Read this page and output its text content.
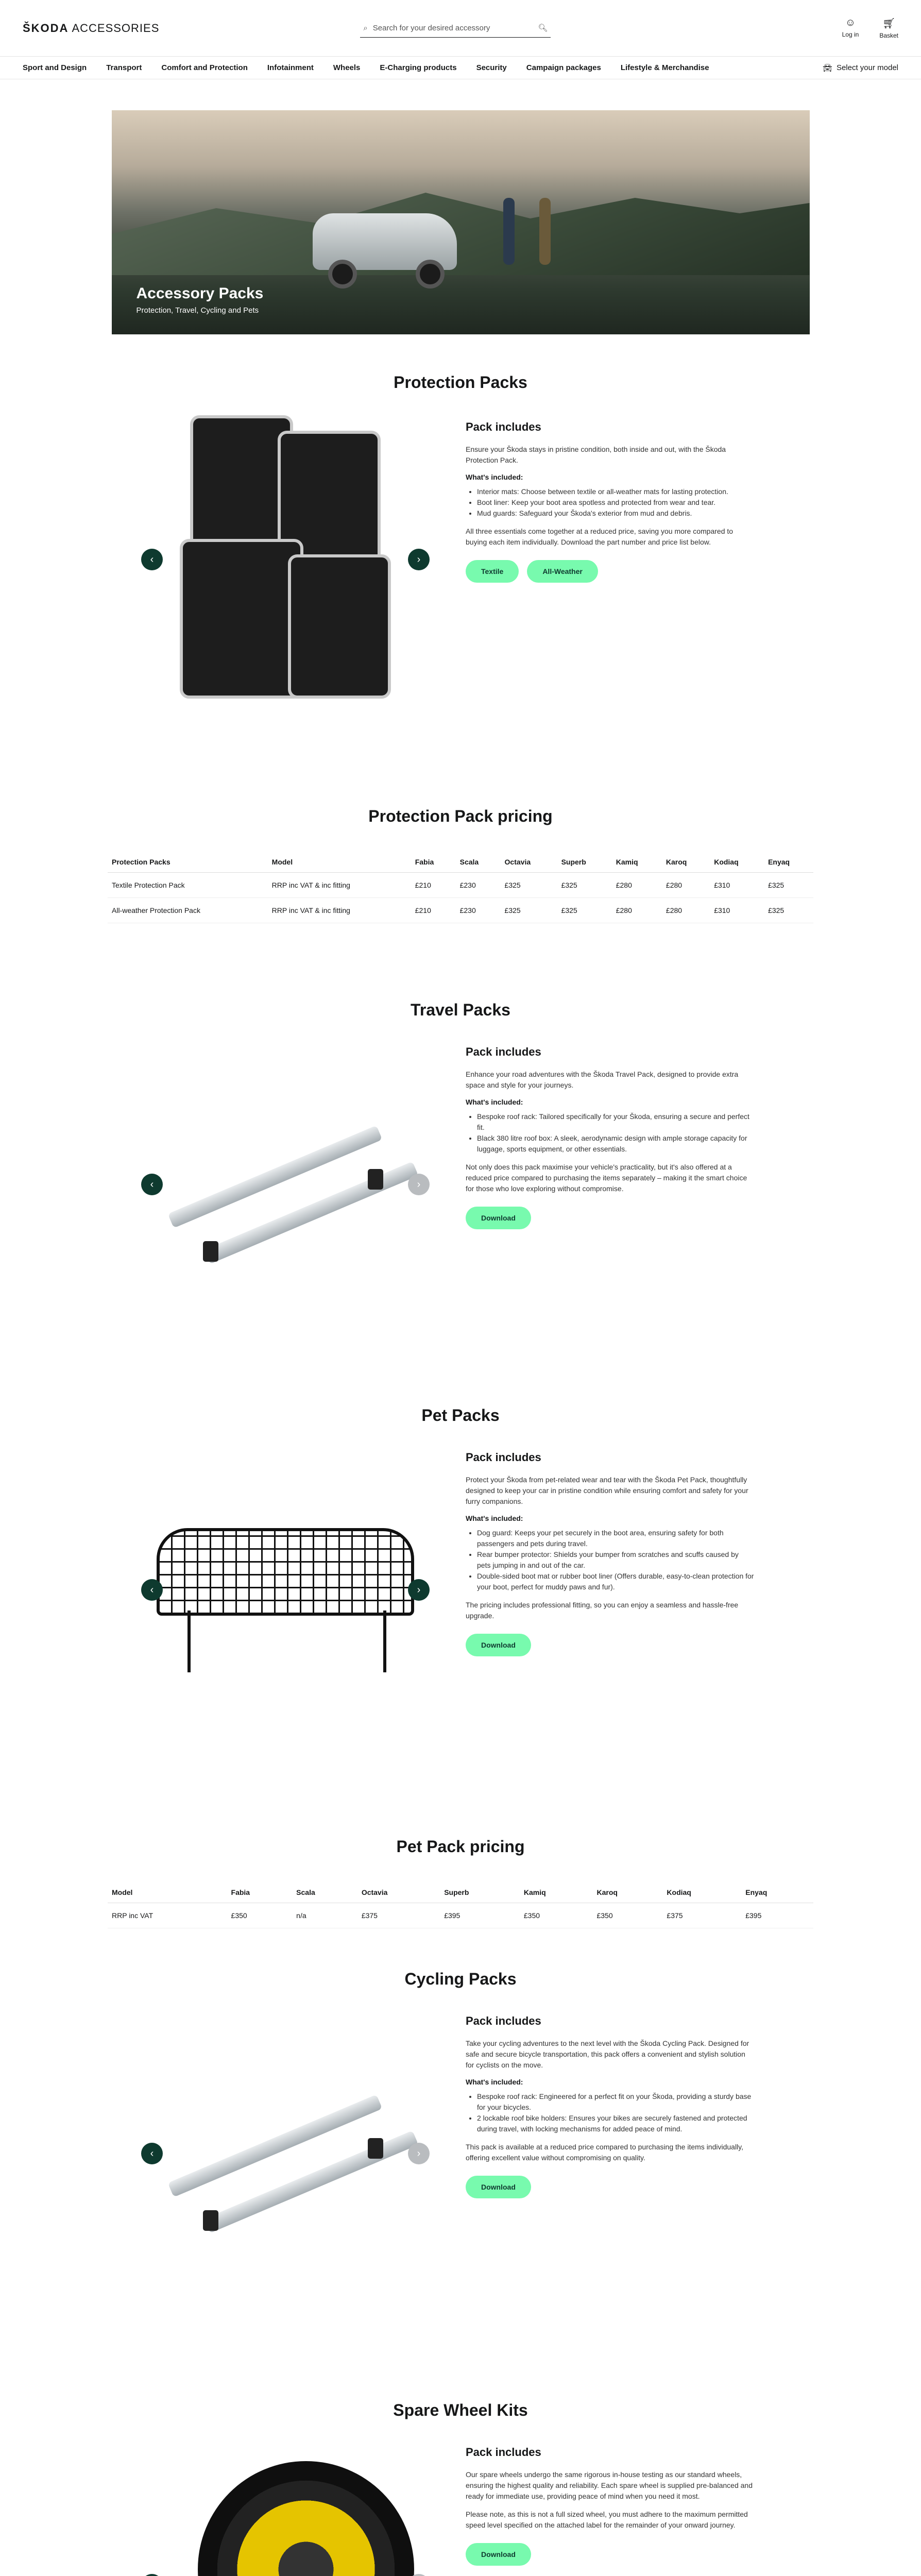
ŠKODA ACCESSORIES	⌕ Search for your desired accessory	🔍︎	☺
Log in
🛒︎
Basket
Sport and Design	Transport	Comfort and Protection	Infotainment	Wheels	E-Charging products	Security	Campaign packages	Lifestyle & Merchandise	🚘︎ Select your model
Accessory Packs

Protection, Travel, Cycling and Pets

Protection Packs
‹	›
Pack includes

Ensure your Škoda stays in pristine condition, both inside and out, with the Škoda Protection Pack.

What's included:
• Interior mats: Choose between textile or all-weather mats for lasting protection.
• Boot liner: Keep your boot area spotless and protected from wear and tear.
• Mud guards: Safeguard your Škoda's exterior from mud and debris.

All three essentials come together at a reduced price, saving you more compared to buying each item individually. Download the part number and price list below.

Textile	All-Weather
Protection Pack pricing
Protection Packs	Model	Fabia	Scala	Octavia	Superb	Kamiq	Karoq	Kodiaq	Enyaq
Textile Protection Pack	RRP inc VAT & inc fitting	£210	£230	£325	£325	£280	£280	£310	£325
All-weather Protection Pack	RRP inc VAT & inc fitting	£210	£230	£325	£325	£280	£280	£310	£325
Travel Packs
‹	›
Pack includes

Enhance your road adventures with the Škoda Travel Pack, designed to provide extra space and style for your journeys.

What's included:
• Bespoke roof rack: Tailored specifically for your Škoda, ensuring a secure and perfect fit.
• Black 380 litre roof box: A sleek, aerodynamic design with ample storage capacity for luggage, sports equipment, or other essentials.

Not only does this pack maximise your vehicle's practicality, but it's also offered at a reduced price compared to purchasing the items separately – making it the smart choice for those who love exploring without compromise.

Download
Pet Packs
‹	›
Pack includes

Protect your Škoda from pet-related wear and tear with the Škoda Pet Pack, thoughtfully designed to keep your car in pristine condition while ensuring comfort and safety for your furry companions.

What's included:
• Dog guard: Keeps your pet securely in the boot area, ensuring safety for both passengers and pets during travel.
• Rear bumper protector: Shields your bumper from scratches and scuffs caused by pets jumping in and out of the car.
• Double-sided boot mat or rubber boot liner (Offers durable, easy-to-clean protection for your boot, perfect for muddy paws and fur).

The pricing includes professional fitting, so you can enjoy a seamless and hassle-free upgrade.

Download
Pet Pack pricing
Model	Fabia	Scala	Octavia	Superb	Kamiq	Karoq	Kodiaq	Enyaq
RRP inc VAT	£350	n/a	£375	£395	£350	£350	£375	£395
Cycling Packs
‹	›
Pack includes

Take your cycling adventures to the next level with the Škoda Cycling Pack. Designed for safe and secure bicycle transportation, this pack offers a convenient and stylish solution for cyclists on the move.

What's included:
• Bespoke roof rack: Engineered for a perfect fit on your Škoda, providing a sturdy base for your bicycles.
• 2 lockable roof bike holders: Ensures your bikes are securely fastened and protected during travel, with locking mechanisms for added peace of mind.

This pack is available at a reduced price compared to purchasing the items individually, offering excellent value without compromising on quality.

Download
Spare Wheel Kits
Pack includes

Our spare wheels undergo the same rigorous in-house testing as our standard wheels, ensuring the highest quality and reliability. Each spare wheel is supplied pre-balanced and ready for immediate use, providing peace of mind when you need it most.

Please note, as this is not a full sized wheel, you must adhere to the maximum permitted speed level specified on the attached label for the remainder of your onward journey.

Download
